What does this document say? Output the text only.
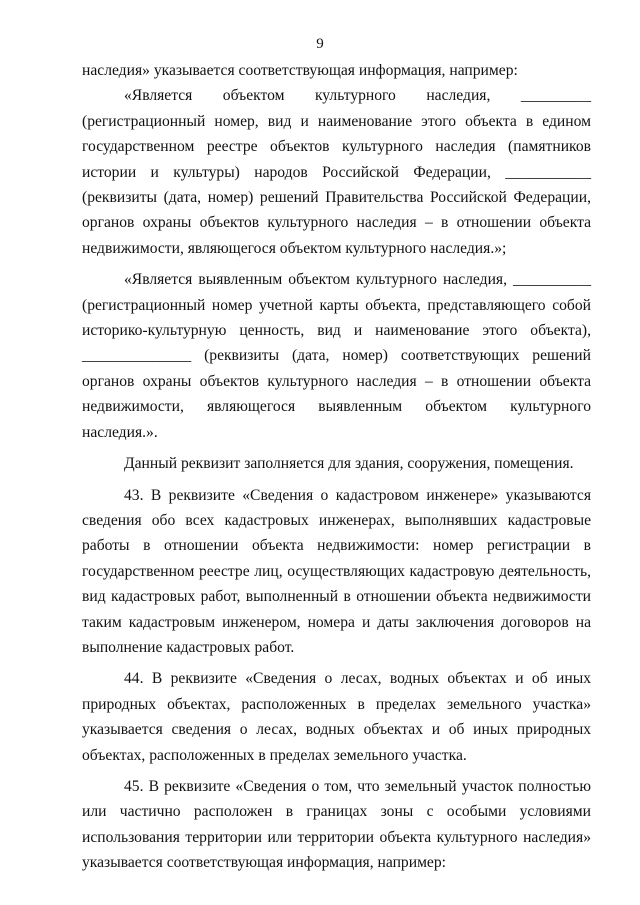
9

наследия» указывается соответствующая информация, например:

«Является объектом культурного наследия, _________ (регистрационный номер, вид и наименование этого объекта в едином государственном реестре объектов культурного наследия (памятников истории и культуры) народов Российской Федерации, ___________ (реквизиты (дата, номер) решений Правительства Российской Федерации, органов охраны объектов культурного наследия – в отношении объекта недвижимости, являющегося объектом культурного наследия.»;

«Является выявленным объектом культурного наследия, __________ (регистрационный номер учетной карты объекта, представляющего собой историко-культурную ценность, вид и наименование этого объекта), ______________ (реквизиты (дата, номер) соответствующих решений органов охраны объектов культурного наследия – в отношении объекта недвижимости, являющегося выявленным объектом культурного наследия.».

Данный реквизит заполняется для здания, сооружения, помещения.

43. В реквизите «Сведения о кадастровом инженере» указываются сведения обо всех кадастровых инженерах, выполнявших кадастровые работы в отношении объекта недвижимости: номер регистрации в государственном реестре лиц, осуществляющих кадастровую деятельность, вид кадастровых работ, выполненный в отношении объекта недвижимости таким кадастровым инженером, номера и даты заключения договоров на выполнение кадастровых работ.

44. В реквизите «Сведения о лесах, водных объектах и об иных природных объектах, расположенных в пределах земельного участка» указывается сведения о лесах, водных объектах и об иных природных объектах, расположенных в пределах земельного участка.

45. В реквизите «Сведения о том, что земельный участок полностью или частично расположен в границах зоны с особыми условиями использования территории или территории объекта культурного наследия» указывается соответствующая информация, например:
